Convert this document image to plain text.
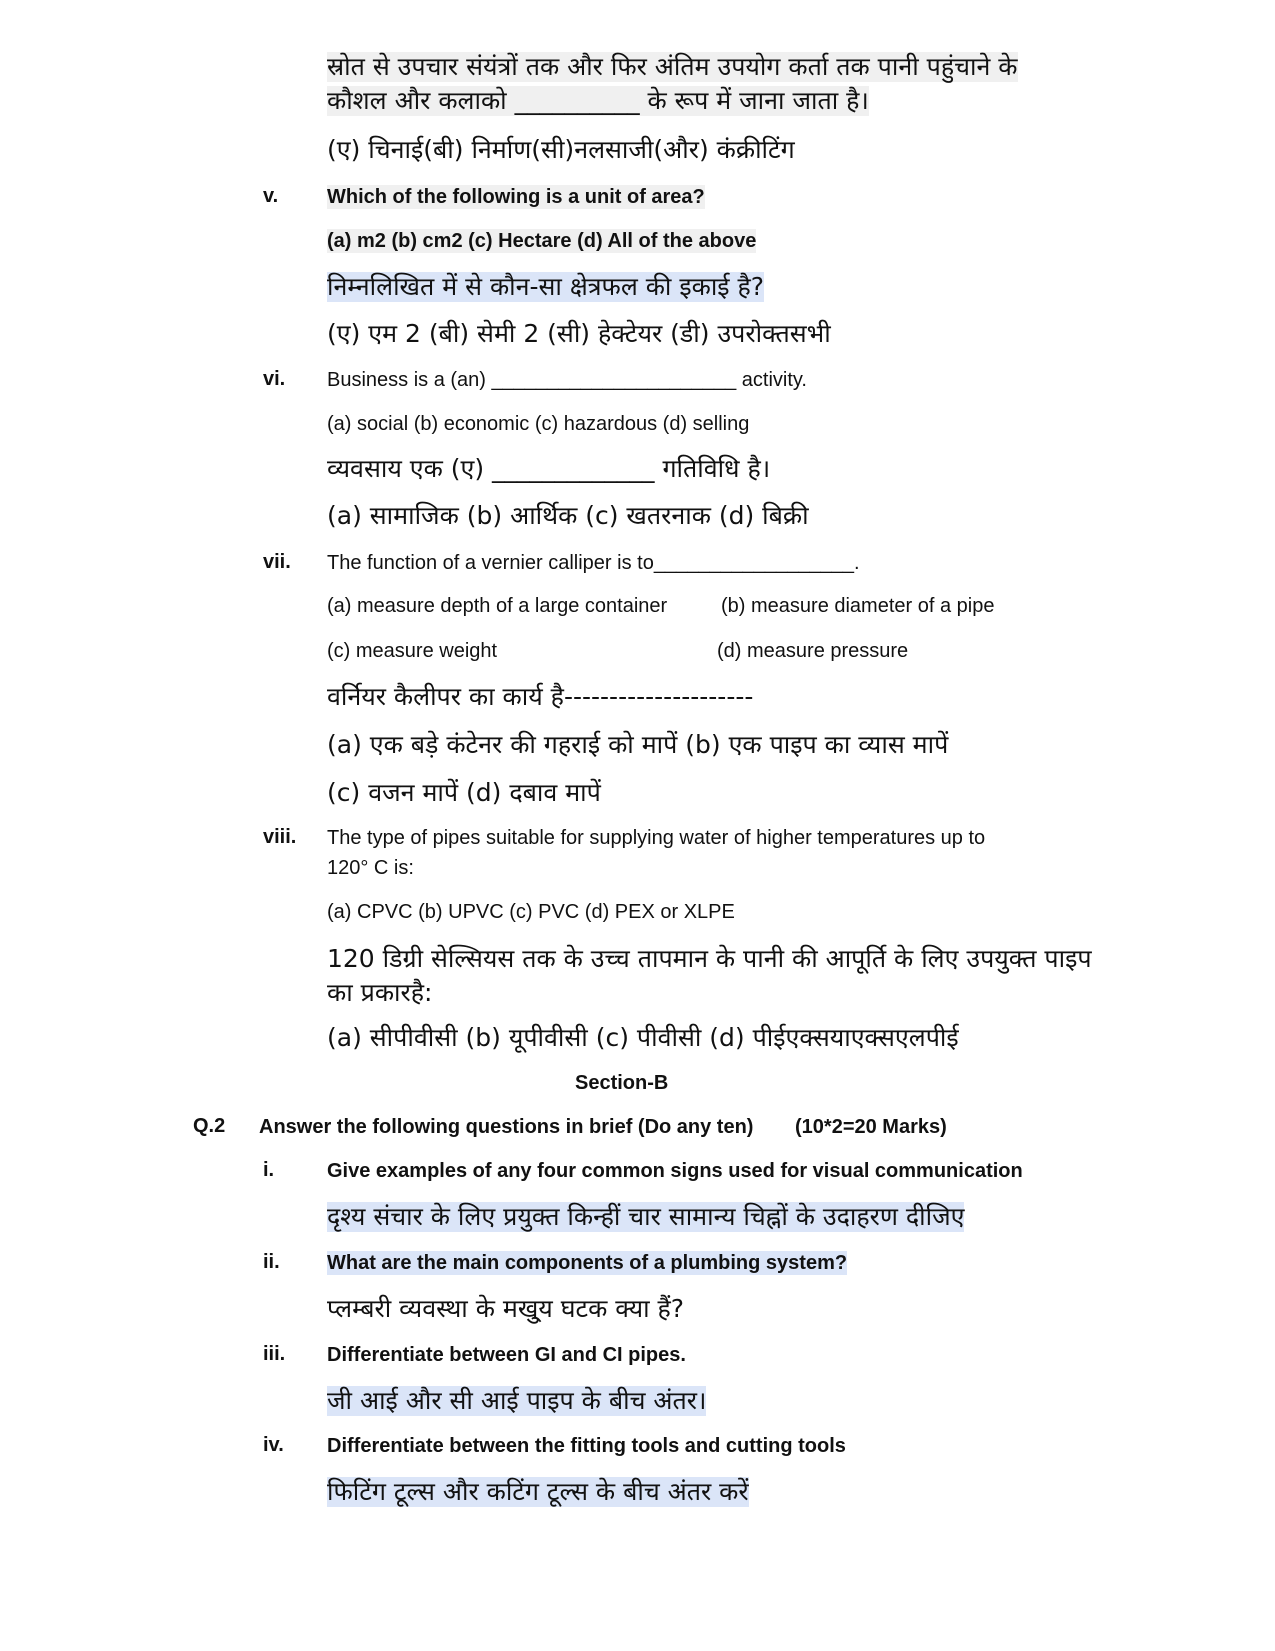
स्रोत से उपचार संयंत्रों तक और फिर अंतिम उपयोग कर्ता तक पानी पहुंचाने के
कौशल और कलाको __________ के रूप में जाना जाता है।
(ए) चिनाई(बी) निर्माण(सी)नलसाजी(और) कंक्रीटिंग
v. Which of the following is a unit of area?
(a) m2 (b) cm2 (c) Hectare (d) All of the above
निम्नलिखित में से कौन-सा क्षेत्रफल की इकाई है?
(ए) एम 2 (बी) सेमी 2 (सी) हेक्टेयर (डी) उपरोक्तसभी
vi. Business is a (an) ______________________ activity.
(a) social (b) economic (c) hazardous (d) selling
व्यवसाय एक (ए) _____________ गतिविधि है।
(a) सामाजिक (b) आर्थिक (c) खतरनाक (d) बिक्री
vii. The function of a vernier calliper is to__________________.
(a) measure depth of a large container	(b) measure diameter of a pipe
(c) measure weight	(d) measure pressure
वर्नियर कैलीपर का कार्य है---------------------
(a) एक बड़े कंटेनर की गहराई को मापें (b) एक पाइप का व्यास मापें
(c) वजन मापें (d) दबाव मापें
viii. The type of pipes suitable for supplying water of higher temperatures up to
120° C is:
(a) CPVC (b) UPVC (c) PVC (d) PEX or XLPE
120 डिग्री सेल्सियस तक के उच्च तापमान के पानी की आपूर्ति के लिए उपयुक्त पाइप
का प्रकारहै:
(a) सीपीवीसी (b) यूपीवीसी (c) पीवीसी (d) पीईएक्सयाएक्सएलपीई
Section-B
Q.2 Answer the following questions in brief (Do any ten) (10*2=20 Marks)
i.	Give examples of any four common signs used for visual communication
दृश्य संचार के लिए प्रयुक्त किन्हीं चार सामान्य चिह्नों के उदाहरण दीजिए
ii. What are the main components of a plumbing system?
प्लम्बरी व्यवस्था के मखु्य घटक क्या हैं?
iii. Differentiate between GI and CI pipes.
जी आई और सी आई पाइप के बीच अंतर।
iv. Differentiate between the fitting tools and cutting tools
फिटिंग टूल्स और कटिंग टूल्स के बीच अंतर करें
